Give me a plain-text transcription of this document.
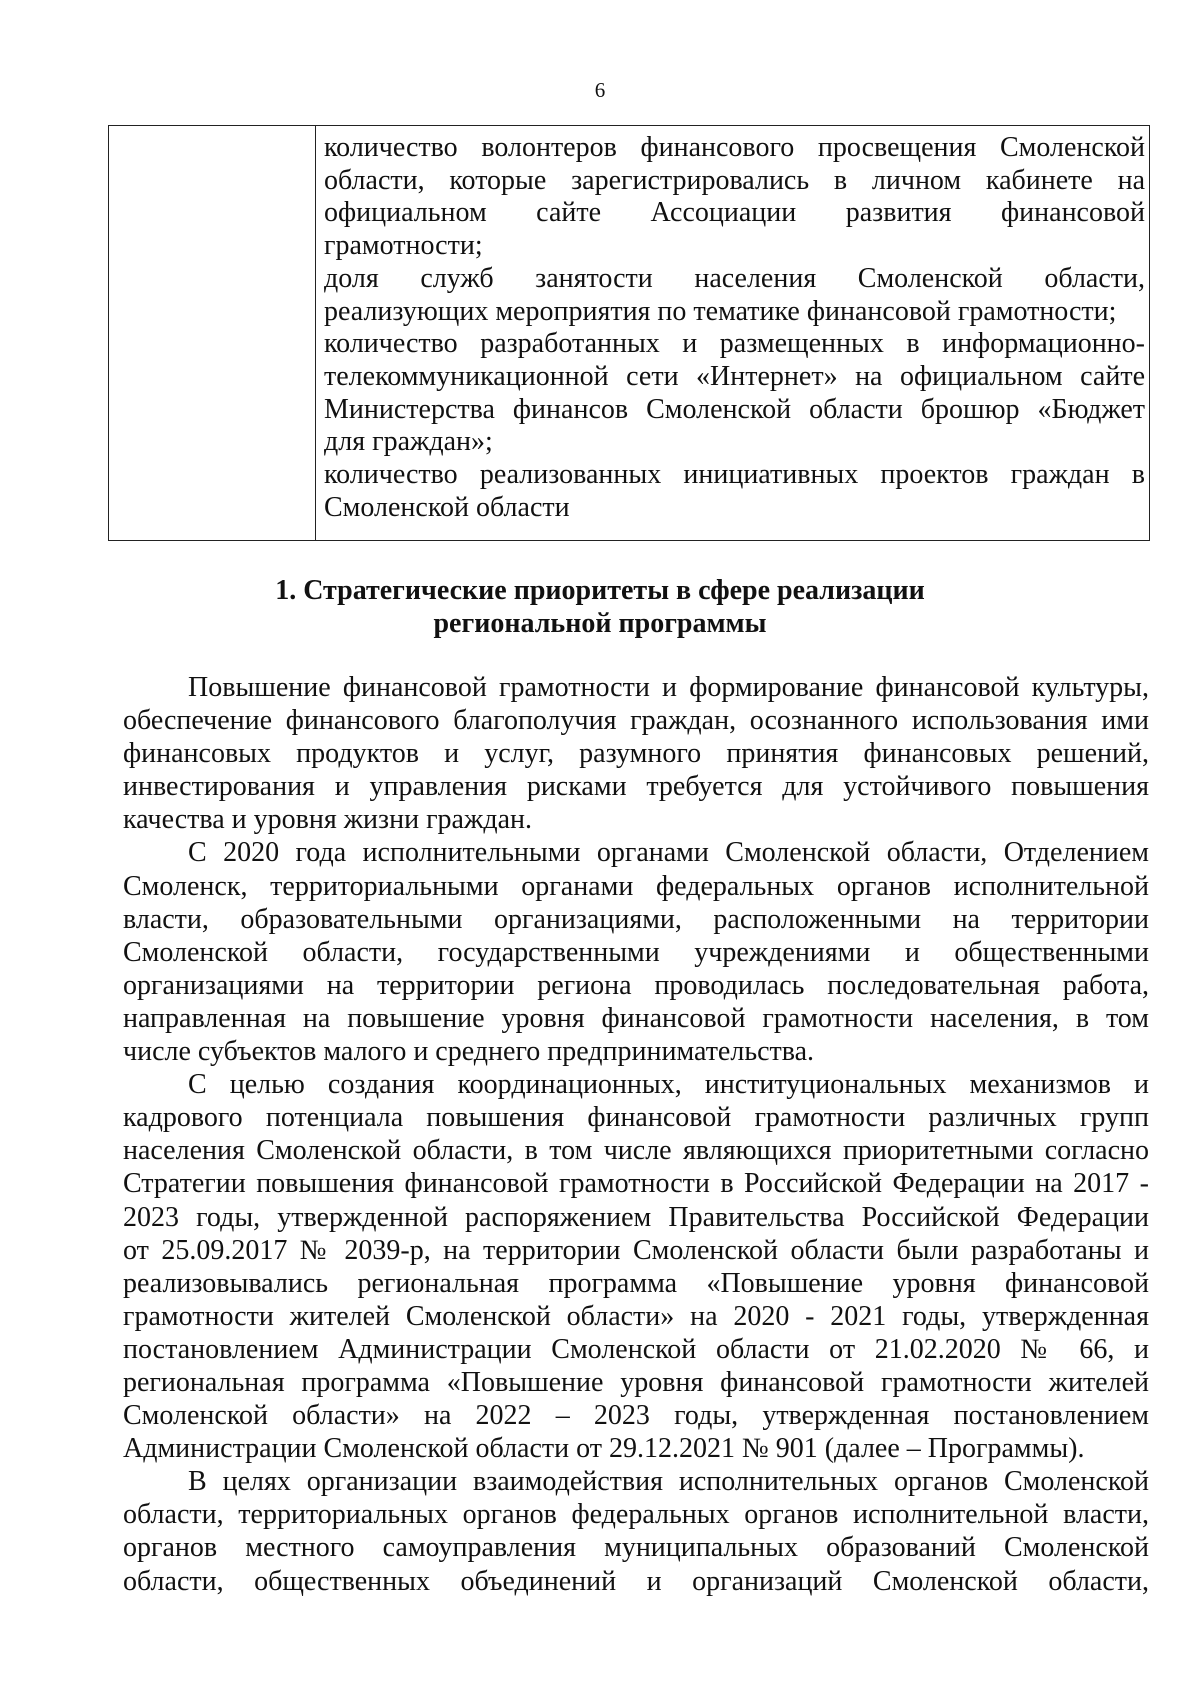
6

количество волонтеров финансового просвещения Смоленской
области, которые зарегистрировались в личном кабинете на
официальном сайте Ассоциации развития финансовой
грамотности;
доля служб занятости населения Смоленской области,
реализующих мероприятия по тематике финансовой грамотности;
количество разработанных и размещенных в информационно-
телекоммуникационной сети «Интернет» на официальном сайте
Министерства финансов Смоленской области брошюр «Бюджет
для граждан»;
количество реализованных инициативных проектов граждан в
Смоленской области
1. Стратегические приоритеты в сфере реализации
региональной программы
Повышение финансовой грамотности и формирование финансовой культуры,
обеспечение финансового благополучия граждан, осознанного использования ими
финансовых продуктов и услуг, разумного принятия финансовых решений,
инвестирования и управления рисками требуется для устойчивого повышения
качества и уровня жизни граждан.
С 2020 года исполнительными органами Смоленской области, Отделением
Смоленск, территориальными органами федеральных органов исполнительной
власти, образовательными организациями, расположенными на территории
Смоленской области, государственными учреждениями и общественными
организациями на территории региона проводилась последовательная работа,
направленная на повышение уровня финансовой грамотности населения, в том
числе субъектов малого и среднего предпринимательства.
С целью создания координационных, институциональных механизмов и
кадрового потенциала повышения финансовой грамотности различных групп
населения Смоленской области, в том числе являющихся приоритетными согласно
Стратегии повышения финансовой грамотности в Российской Федерации на 2017 -
2023 годы, утвержденной распоряжением Правительства Российской Федерации
от 25.09.2017 № 2039-р, на территории Смоленской области были разработаны и
реализовывались региональная программа «Повышение уровня финансовой
грамотности жителей Смоленской области» на 2020 - 2021 годы, утвержденная
постановлением Администрации Смоленской области от 21.02.2020 № 66, и
региональная программа «Повышение уровня финансовой грамотности жителей
Смоленской области» на 2022 – 2023 годы, утвержденная постановлением
Администрации Смоленской области от 29.12.2021 № 901 (далее – Программы).
В целях организации взаимодействия исполнительных органов Смоленской
области, территориальных органов федеральных органов исполнительной власти,
органов местного самоуправления муниципальных образований Смоленской
области, общественных объединений и организаций Смоленской области,
